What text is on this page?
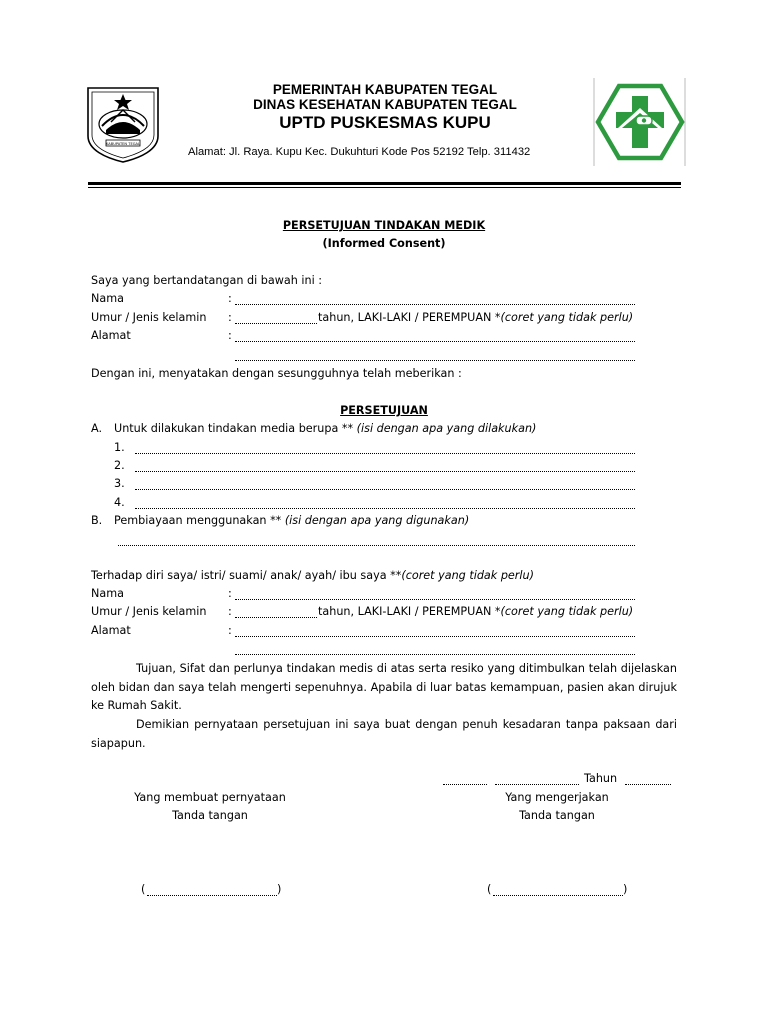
KABUPATEN TEGAL
PEMERINTAH KABUPATEN TEGAL
DINAS KESEHATAN KABUPATEN TEGAL
UPTD PUSKESMAS KUPU
Alamat: Jl. Raya. Kupu Kec. Dukuhturi Kode Pos 52192 Telp. 311432
PERSETUJUAN TINDAKAN MEDIK
(Informed Consent)
Saya yang bertandatangan di bawah ini :
Nama	:
Umur / Jenis kelamin :	tahun, LAKI-LAKI / PEREMPUAN *(coret yang tidak perlu)
Alamat	:
Dengan ini, menyatakan dengan sesungguhnya telah meberikan :
PERSETUJUAN
A. Untuk dilakukan tindakan media berupa ** (isi dengan apa yang dilakukan)
1.
2.
3.
4.
B. Pembiayaan menggunakan ** (isi dengan apa yang digunakan)
Terhadap diri saya/ istri/ suami/ anak/ ayah/ ibu saya **(coret yang tidak perlu)
Nama	:
Umur / Jenis kelamin :	tahun, LAKI-LAKI / PEREMPUAN *(coret yang tidak perlu)
Alamat	:
Tujuan, Sifat dan perlunya tindakan medis di atas serta resiko yang ditimbulkan telah dijelaskan oleh bidan dan saya telah mengerti sepenuhnya. Apabila di luar batas kemampuan, pasien akan dirujuk ke Rumah Sakit.
Demikian pernyataan persetujuan ini saya buat dengan penuh kesadaran tanpa paksaan dari siapapun.
Tahun
Yang membuat pernyataan
Tanda tangan
Yang mengerjakan
Tanda tangan
(	)	(	)
